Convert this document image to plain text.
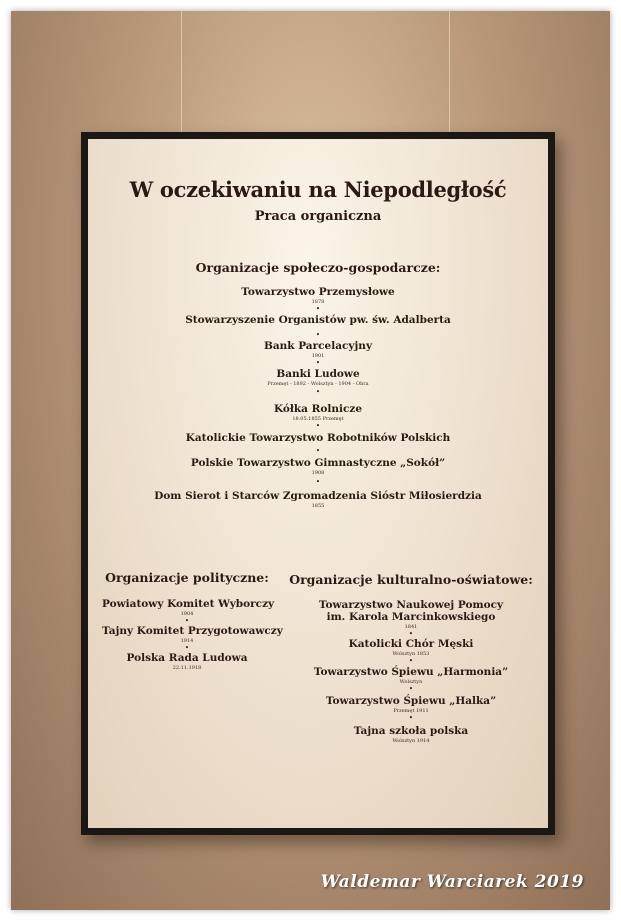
W oczekiwaniu na Niepodległość
Praca organiczna
Organizacje społeczo-gospodarcze:
Towarzystwo Przemysłowe
1878
•
Stowarzyszenie Organistów pw. św. Adalberta
•
Bank Parcelacyjny
1901
•
Banki Ludowe
Przemęt - 1892 - Wolsztyn - 1904 - Obra
•
Kółka Rolnicze
18.05.1855 Przemęt
•
Katolickie Towarzystwo Robotników Polskich
•
Polskie Towarzystwo Gimnastyczne „Sokół”
1908
•
Dom Sierot i Starców Zgromadzenia Sióstr Miłosierdzia
1855
Organizacje polityczne:
Powiatowy Komitet Wyborczy
1904
•
Tajny Komitet Przygotowawczy
1914
•
Polska Rada Ludowa
22.11.1918
Organizacje kulturalno-oświatowe:
Towarzystwo Naukowej Pomocy
im. Karola Marcinkowskiego
1841
•
Katolicki Chór Męski
Wolsztyn 1853
•
Towarzystwo Śpiewu „Harmonia”
Wolsztyn
•
Towarzystwo Śpiewu „Halka”
Przemęt 1911
•
Tajna szkoła polska
Wolsztyn 1914
Waldemar Warciarek 2019
